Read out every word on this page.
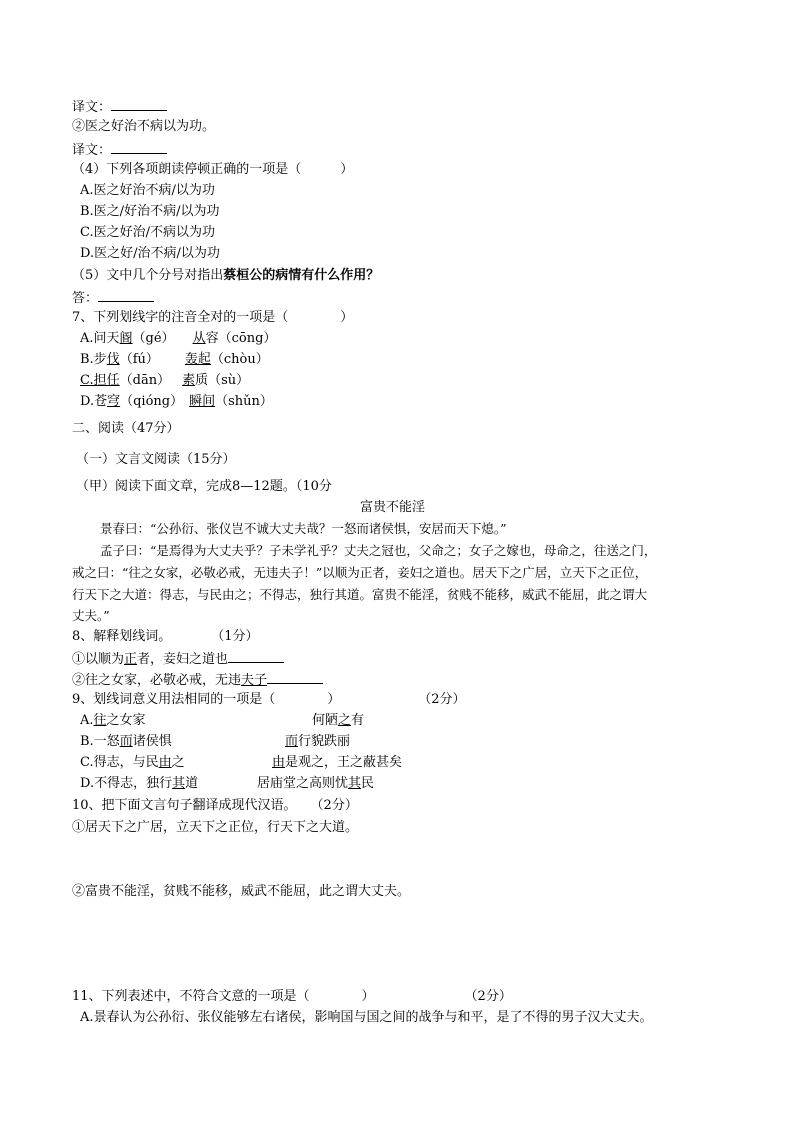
译文：
②医之好治不病以为功。
译文：
（4）下列各项朗读停顿正确的一项是（　　　）
A.医之好治不病/以为功
B.医之/好治不病/以为功
C.医之好治/不病以为功
D.医之好/治不病/以为功
（5）文中几个分号对指出蔡桓公的病情有什么作用？
答：
7、下列划线字的注音全对的一项是（　　　　）
A.问天阍（gé） 从容（cōng）
B.步伐（fú） 轰起（chòu）
C.担任（dān） 素质（sù）
D.苍穹（qióng） 瞬间（shǔn）
二、阅读（47分）
（一）文言文阅读（15分）
（甲）阅读下面文章，完成8—12题。（10分
富贵不能淫
景春曰：“公孙衍、张仪岂不诚大丈夫哉？一怒而诸侯惧，安居而天下熄。”
孟子曰：“是焉得为大丈夫乎？子未学礼乎？丈夫之冠也，父命之；女子之嫁也，母命之，往送之门，
戒之曰：“往之女家，必敬必戒，无违夫子！”以顺为正者，妾妇之道也。居天下之广居，立天下之正位，
行天下之大道：得志，与民由之；不得志，独行其道。富贵不能淫，贫贱不能移，威武不能屈，此之谓大
丈夫。”
8、解释划线词。	（1分）
①以顺为正者，妾妇之道也
②往之女家，必敬必戒，无违夫子
9、划线词意义用法相同的一项是（　　　　）	（2分）
A.往之女家	何陋之有
B.一怒而诸侯惧	而行貌跌丽
C.得志，与民由之	由是观之，王之蔽甚矣
D.不得志，独行其道	居庙堂之高则忧其民
10、把下面文言句子翻译成现代汉语。 （2分）
①居天下之广居，立天下之正位，行天下之大道。
②富贵不能淫，贫贱不能移，威武不能屈，此之谓大丈夫。
11、下列表述中，不符合文意的一项是（　　　　）	（2分）
A.景春认为公孙衍、张仪能够左右诸侯，影响国与国之间的战争与和平，是了不得的男子汉大丈夫。
